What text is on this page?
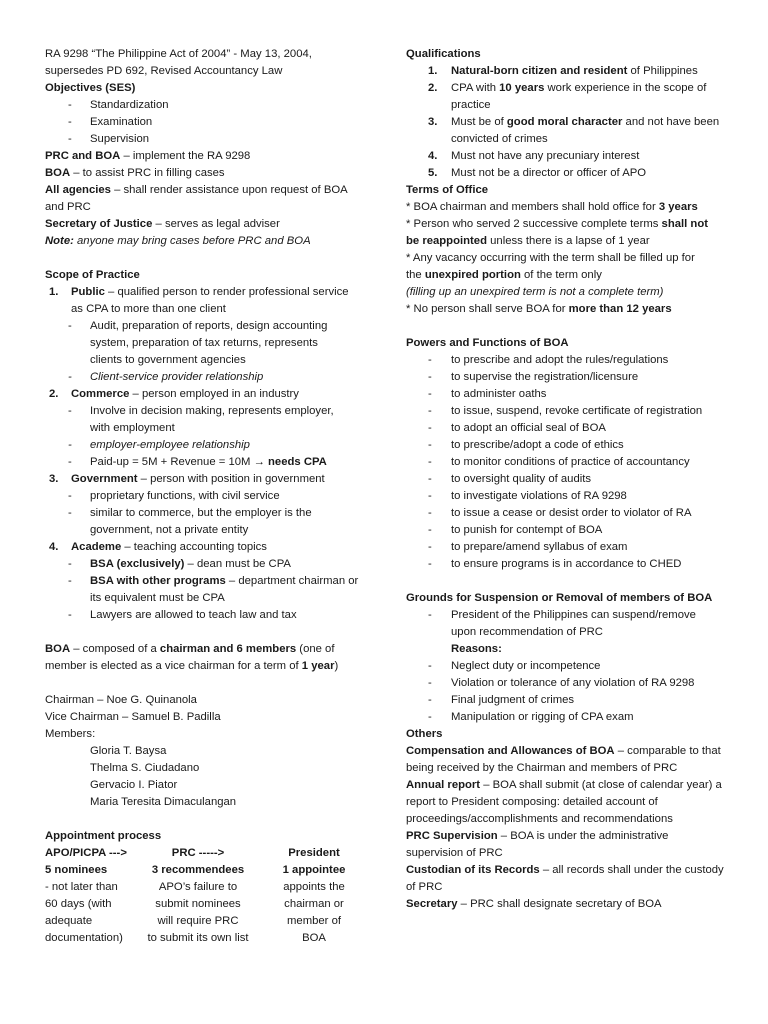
RA 9298 “The Philippine Act of 2004” - May 13, 2004,
supersedes PD 692, Revised Accountancy Law
Objectives (SES)
- Standardization
- Examination
- Supervision
PRC and BOA – implement the RA 9298
BOA – to assist PRC in filling cases
All agencies – shall render assistance upon request of BOA
and PRC
Secretary of Justice – serves as legal adviser
Note: anyone may bring cases before PRC and BOA
Scope of Practice
1. Public – qualified person to render professional service
as CPA to more than one client
- Audit, preparation of reports, design accounting system, preparation of tax returns, represents clients to government agencies
- Client-service provider relationship
2. Commerce – person employed in an industry
- Involve in decision making, represents employer, with employment
- employer-employee relationship
- Paid-up = 5M + Revenue = 10M → needs CPA
3. Government – person with position in government
- proprietary functions, with civil service
- similar to commerce, but the employer is the government, not a private entity
4. Academe – teaching accounting topics
- BSA (exclusively) – dean must be CPA
- BSA with other programs – department chairman or its equivalent must be CPA
- Lawyers are allowed to teach law and tax
BOA – composed of a chairman and 6 members (one of
member is elected as a vice chairman for a term of 1 year)
Chairman – Noe G. Quinanola
Vice Chairman – Samuel B. Padilla
Members:
Gloria T. Baysa
Thelma S. Ciudadano
Gervacio I. Piator
Maria Teresita Dimaculangan
Appointment process
APO/PICPA --->	PRC ----->	President
5 nominees	3 recommendees	1 appointee
- not later than	APO’s failure to	appoints the
60 days (with	submit nominees	chairman or
adequate	will require PRC	member of
documentation)	to submit its own list	BOA
Qualifications
1. Natural-born citizen and resident of Philippines
2. CPA with 10 years work experience in the scope of practice
3. Must be of good moral character and not have been convicted of crimes
4. Must not have any precuniary interest
5. Must not be a director or officer of APO
Terms of Office
* BOA chairman and members shall hold office for 3 years
* Person who served 2 successive complete terms shall not
be reappointed unless there is a lapse of 1 year
* Any vacancy occurring with the term shall be filled up for
the unexpired portion of the term only
(filling up an unexpired term is not a complete term)
* No person shall serve BOA for more than 12 years
Powers and Functions of BOA
- to prescribe and adopt the rules/regulations
- to supervise the registration/licensure
- to administer oaths
- to issue, suspend, revoke certificate of registration
- to adopt an official seal of BOA
- to prescribe/adopt a code of ethics
- to monitor conditions of practice of accountancy
- to oversight quality of audits
- to investigate violations of RA 9298
- to issue a cease or desist order to violator of RA
- to punish for contempt of BOA
- to prepare/amend syllabus of exam
- to ensure programs is in accordance to CHED
Grounds for Suspension or Removal of members of BOA
- President of the Philippines can suspend/remove upon recommendation of PRC
Reasons:
- Neglect duty or incompetence
- Violation or tolerance of any violation of RA 9298
- Final judgment of crimes
- Manipulation or rigging of CPA exam
Others
Compensation and Allowances of BOA – comparable to that
being received by the Chairman and members of PRC
Annual report – BOA shall submit (at close of calendar year) a
report to President composing: detailed account of
proceedings/accomplishments and recommendations
PRC Supervision – BOA is under the administrative
supervision of PRC
Custodian of its Records – all records shall under the custody
of PRC
Secretary – PRC shall designate secretary of BOA
